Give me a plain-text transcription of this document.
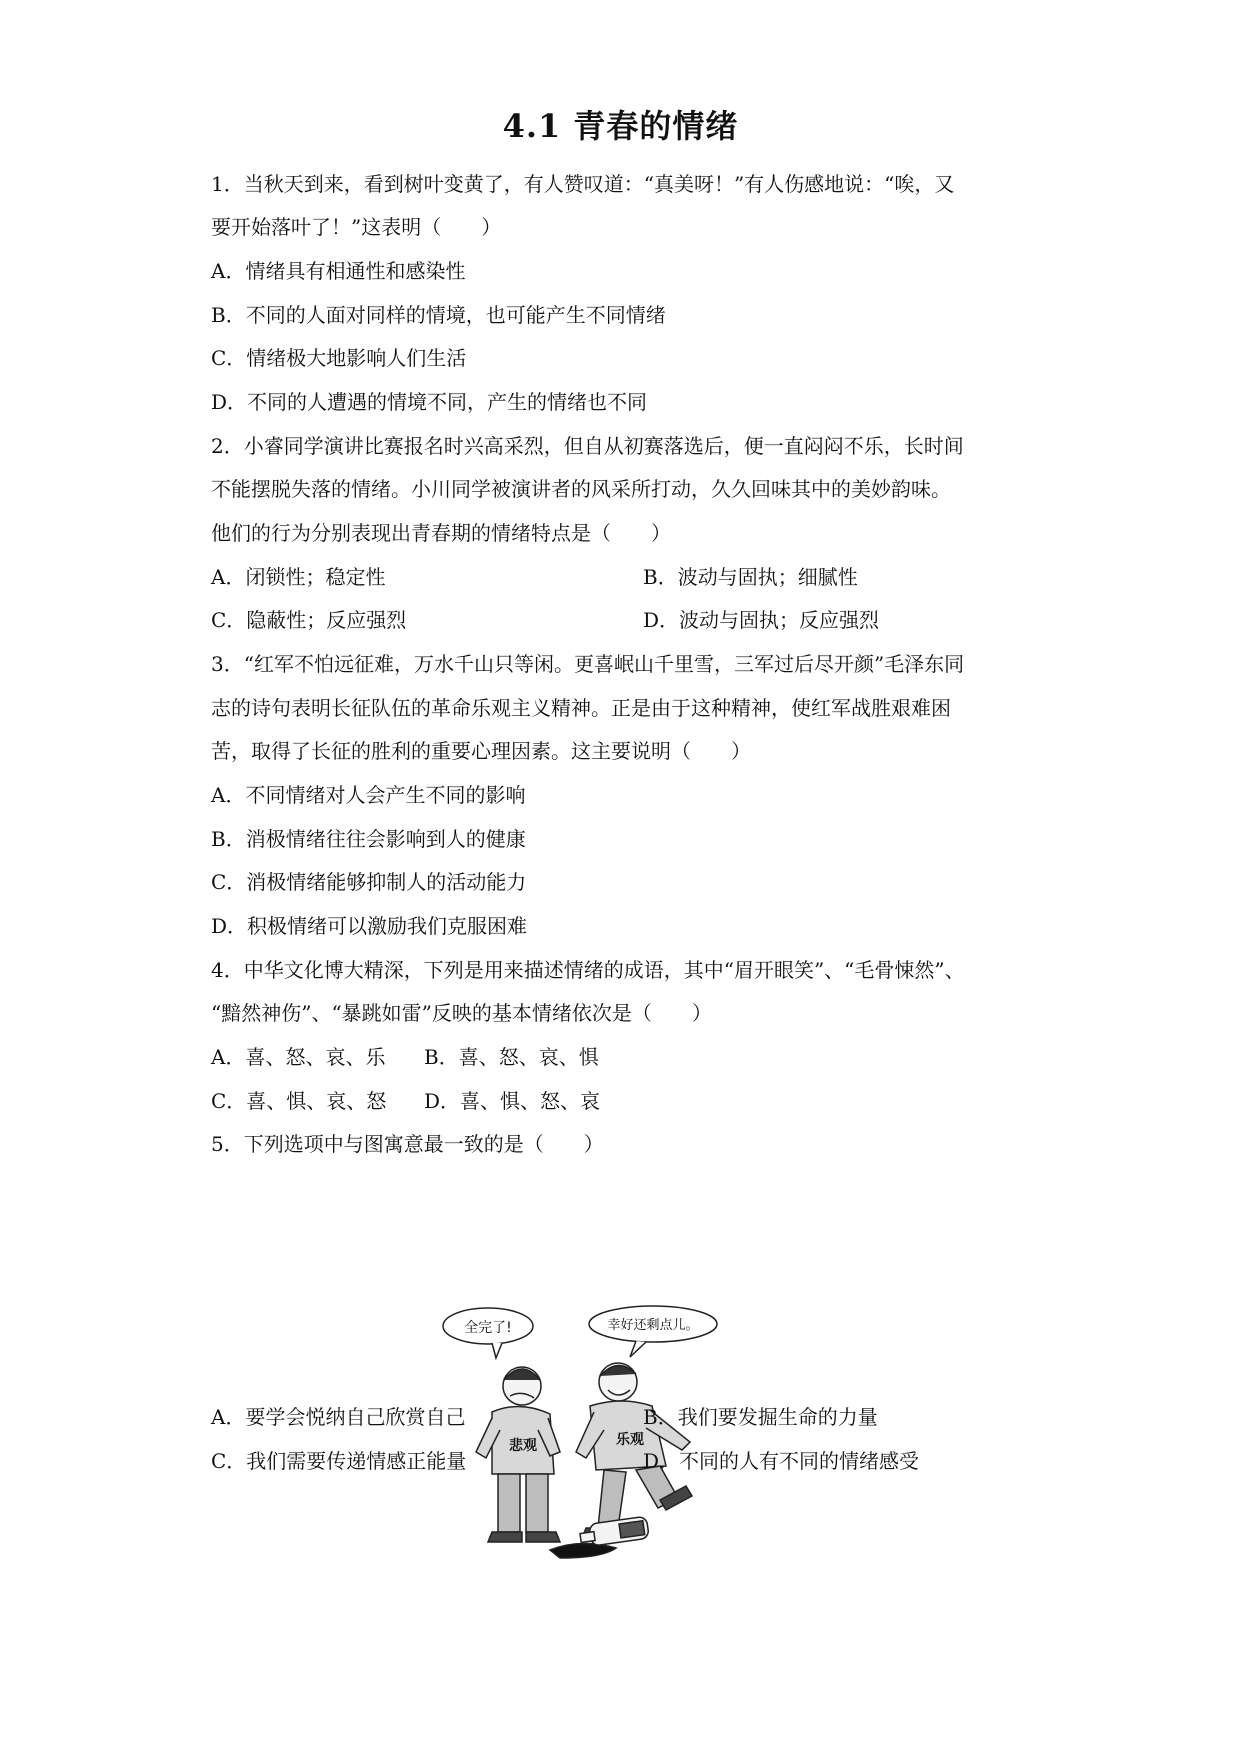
4.1 青春的情绪
1．当秋天到来，看到树叶变黄了，有人赞叹道：“真美呀！”有人伤感地说：“唉，又
要开始落叶了！”这表明（　　）
A．情绪具有相通性和感染性
B．不同的人面对同样的情境，也可能产生不同情绪
C．情绪极大地影响人们生活
D．不同的人遭遇的情境不同，产生的情绪也不同
2．小睿同学演讲比赛报名时兴高采烈，但自从初赛落选后，便一直闷闷不乐，长时间
不能摆脱失落的情绪。小川同学被演讲者的风采所打动，久久回味其中的美妙韵味。
他们的行为分别表现出青春期的情绪特点是（　　）
A．闭锁性；稳定性	B．波动与固执；细腻性
C．隐蔽性；反应强烈	D．波动与固执；反应强烈
3．“红军不怕远征难，万水千山只等闲。更喜岷山千里雪，三军过后尽开颜”毛泽东同
志的诗句表明长征队伍的革命乐观主义精神。正是由于这种精神，使红军战胜艰难困
苦，取得了长征的胜利的重要心理因素。这主要说明（　　）
A．不同情绪对人会产生不同的影响
B．消极情绪往往会影响到人的健康
C．消极情绪能够抑制人的活动能力
D．积极情绪可以激励我们克服困难
4．中华文化博大精深，下列是用来描述情绪的成语，其中“眉开眼笑”、“毛骨悚然”、
“黯然神伤”、“暴跳如雷”反映的基本情绪依次是（　　）
A．喜、怒、哀、乐 B．喜、怒、哀、惧
C．喜、惧、哀、怒 D．喜、惧、怒、哀
5．下列选项中与图寓意最一致的是（　　）
全完了!	幸好还剩点儿。
悲观	乐观
A．要学会悦纳自己欣赏自己	B．我们要发掘生命的力量
C．我们需要传递情感正能量	D．不同的人有不同的情绪感受
